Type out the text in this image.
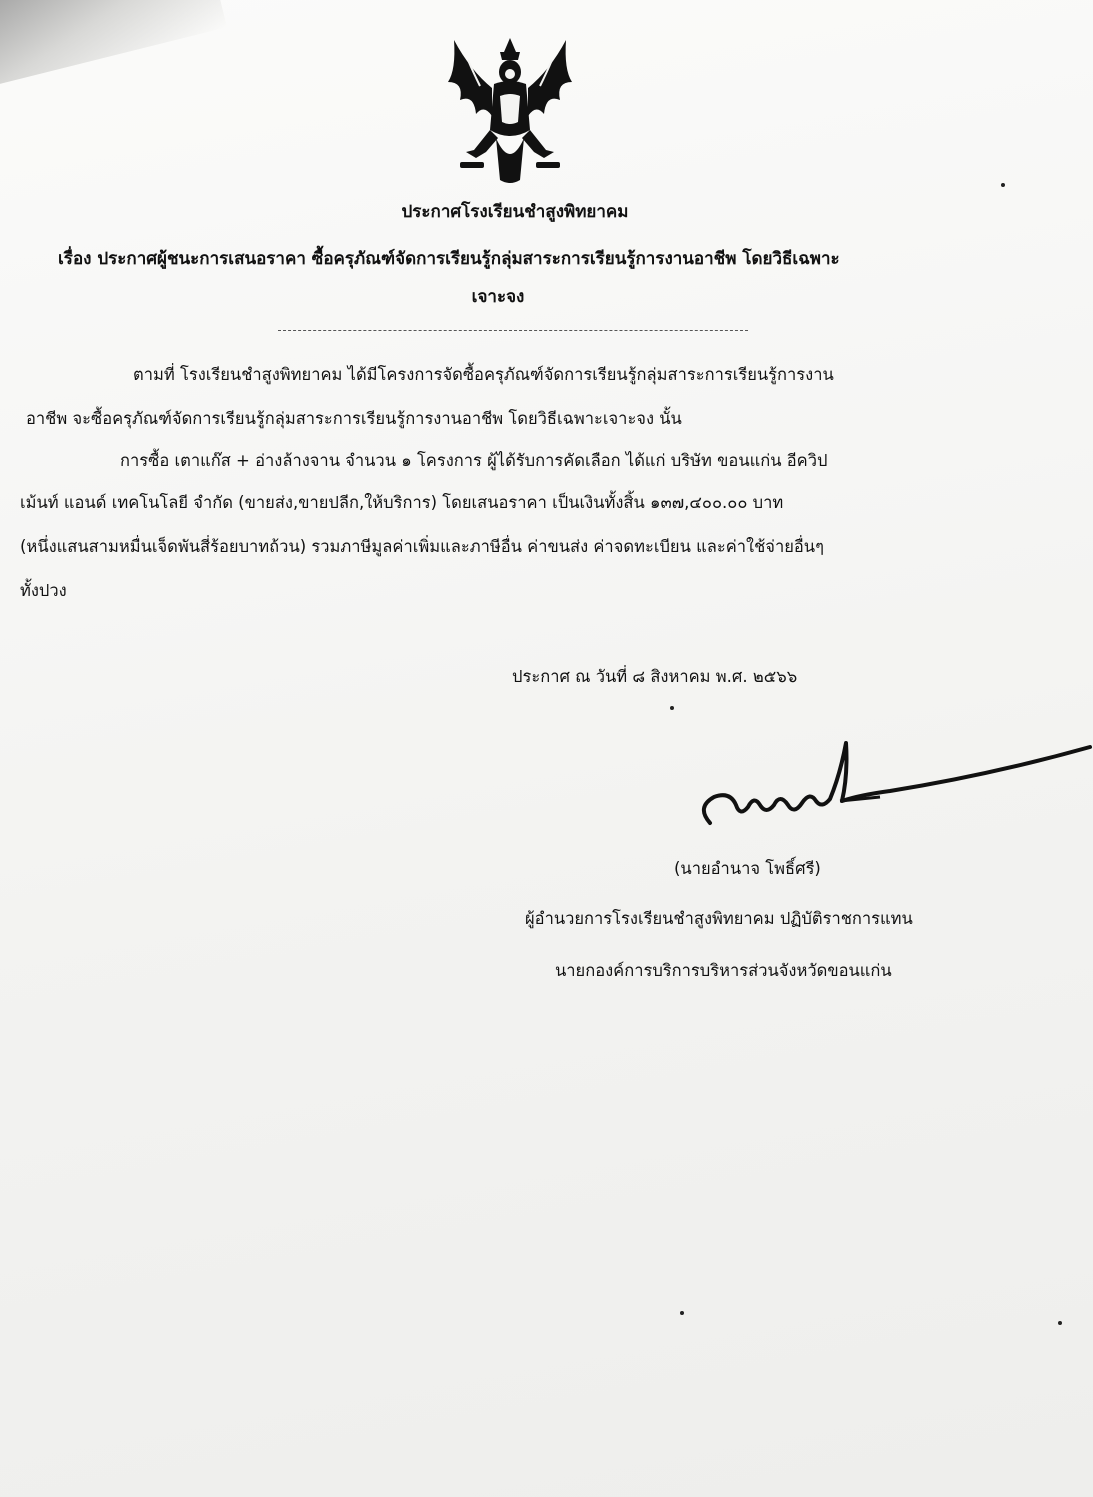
ประกาศโรงเรียนชำสูงพิทยาคม
เรื่อง ประกาศผู้ชนะการเสนอราคา ซื้อครุภัณฑ์จัดการเรียนรู้กลุ่มสาระการเรียนรู้การงานอาชีพ โดยวิธีเฉพาะ
เจาะจง
ตามที่ โรงเรียนชำสูงพิทยาคม ได้มีโครงการจัดซื้อครุภัณฑ์จัดการเรียนรู้กลุ่มสาระการเรียนรู้การงาน
อาชีพ จะซื้อครุภัณฑ์จัดการเรียนรู้กลุ่มสาระการเรียนรู้การงานอาชีพ โดยวิธีเฉพาะเจาะจง นั้น
การซื้อ เตาแก๊ส + อ่างล้างจาน จำนวน ๑ โครงการ ผู้ได้รับการคัดเลือก ได้แก่ บริษัท ขอนแก่น อีควิป
เม้นท์ แอนด์ เทคโนโลยี จำกัด (ขายส่ง,ขายปลีก,ให้บริการ) โดยเสนอราคา เป็นเงินทั้งสิ้น ๑๓๗,๔๐๐.๐๐ บาท
(หนึ่งแสนสามหมื่นเจ็ดพันสี่ร้อยบาทถ้วน) รวมภาษีมูลค่าเพิ่มและภาษีอื่น ค่าขนส่ง ค่าจดทะเบียน และค่าใช้จ่ายอื่นๆ
ทั้งปวง
ประกาศ ณ วันที่ ๘ สิงหาคม พ.ศ. ๒๕๖๖
(นายอำนาจ โพธิ์ศรี)
ผู้อำนวยการโรงเรียนชำสูงพิทยาคม ปฏิบัติราชการแทน
นายกองค์การบริการบริหารส่วนจังหวัดขอนแก่น
